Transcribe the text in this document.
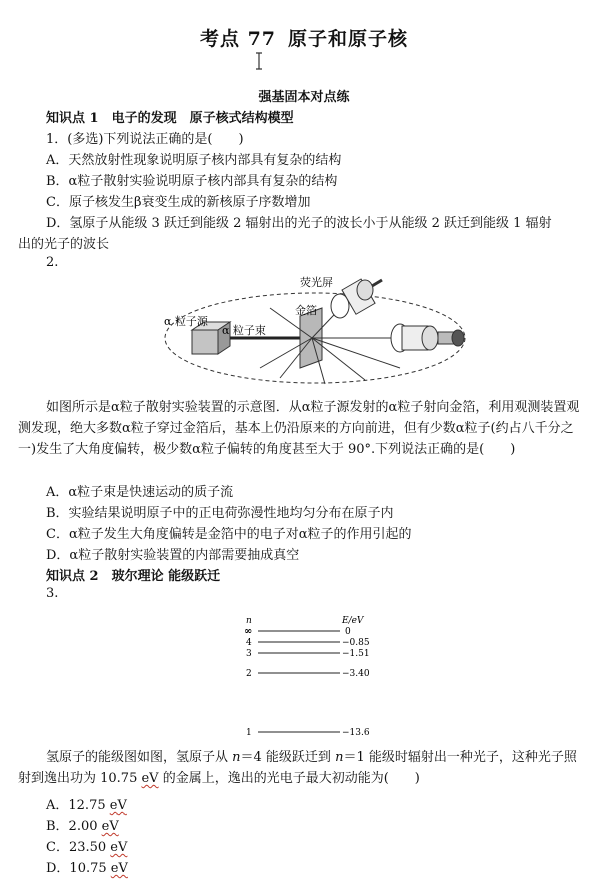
考点 77 原子和原子核
强基固本对点练
知识点 1　电子的发现　原子核式结构模型
1．(多选)下列说法正确的是(　　)
A．天然放射性现象说明原子核内部具有复杂的结构
B．α粒子散射实验说明原子核内部具有复杂的结构
C．原子核发生β衰变生成的新核原子序数增加
D．氢原子从能级 3 跃迁到能级 2 辐射出的光子的波长小于从能级 2 跃迁到能级 1 辐射
出的光子的波长
2.
荧光屏
金箔
α 粒子源
α 粒子束
如图所示是α粒子散射实验装置的示意图．从α粒子源发射的α粒子射向金箔，利用观测装置观测发现，绝大多数α粒子穿过金箔后，基本上仍沿原来的方向前进，但有少数α粒子(约占八千分之一)发生了大角度偏转，极少数α粒子偏转的角度甚至大于 90°.下列说法正确的是(　　)
A．α粒子束是快速运动的质子流
B．实验结果说明原子中的正电荷弥漫性地均匀分布在原子内
C．α粒子发生大角度偏转是金箔中的电子对α粒子的作用引起的
D．α粒子散射实验装置的内部需要抽成真空
知识点 2　玻尔理论 能级跃迁
3.
n	E/eV
∞	0
4	−0.85
3	−1.51
2	−3.40
1	−13.6
氢原子的能级图如图，氢原子从 n＝4 能级跃迁到 n＝1 能级时辐射出一种光子，这种光子照射到逸出功为 10.75 eV 的金属上，逸出的光电子最大初动能为(　　)
A．12.75 eV
B．2.00 eV
C．23.50 eV
D．10.75 eV
